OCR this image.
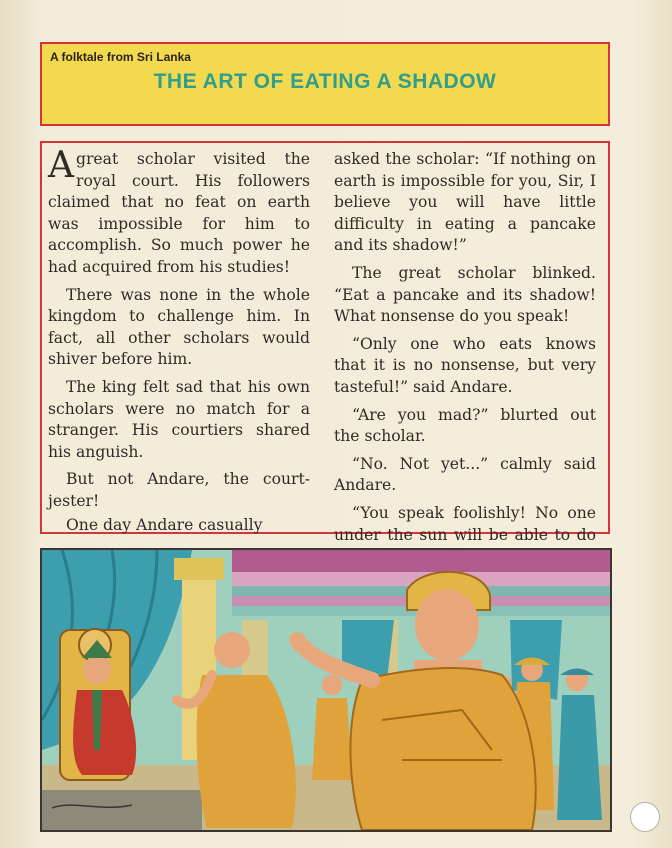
A folktale from Sri Lanka
THE ART OF EATING A SHADOW

Agreat scholar visited the royal court. His followers claimed that no feat on earth was impossible for him to accomplish. So much power he had acquired from his studies!

There was none in the whole kingdom to challenge him. In fact, all other scholars would shiver before him.

The king felt sad that his own scholars were no match for a stranger. His courtiers shared his anguish.

But not Andare, the court-jester!

One day Andare casually

asked the scholar: “If nothing on earth is impossible for you, Sir, I believe you will have little difficulty in eating a pancake and its shadow!”

The great scholar blinked. “Eat a pancake and its shadow! What nonsense do you speak!

“Only one who eats knows that it is no nonsense, but very tasteful!” said Andare.

“Are you mad?” blurted out the scholar.

“No. Not yet...” calmly said Andare.

“You speak foolishly! No one under the sun will be able to do
